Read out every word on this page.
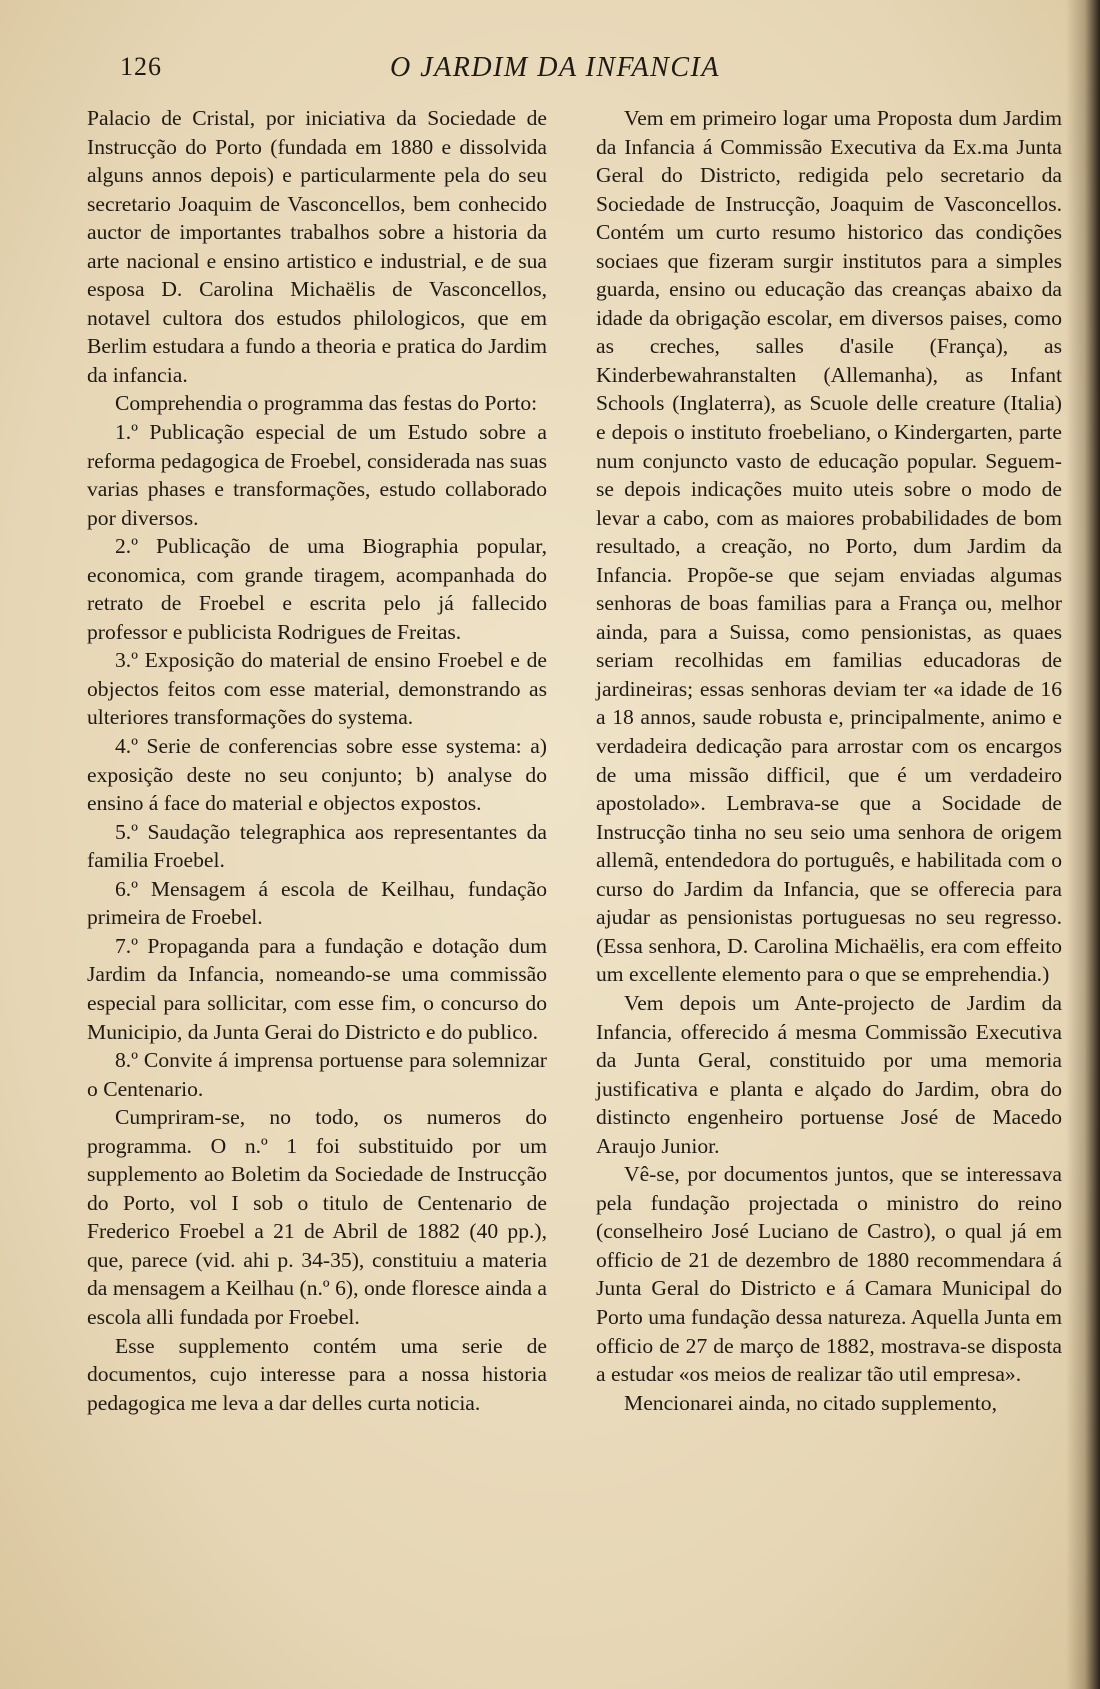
126	O JARDIM DA INFANCIA

Palacio de Cristal, por iniciativa da Sociedade de Instrucção do Porto (fundada em 1880 e dissolvida alguns annos depois) e particularmente pela do seu secretario Joaquim de Vasconcellos, bem conhecido auctor de importantes trabalhos sobre a historia da arte nacional e ensino artistico e industrial, e de sua esposa D. Carolina Michaëlis de Vasconcellos, notavel cultora dos estudos philologicos, que em Berlim estudara a fundo a theoria e pratica do Jardim da infancia.

Comprehendia o programma das festas do Porto:

1.º Publicação especial de um Estudo sobre a reforma pedagogica de Froebel, considerada nas suas varias phases e transformações, estudo collaborado por diversos.

2.º Publicação de uma Biographia popular, economica, com grande tiragem, acompanhada do retrato de Froebel e escrita pelo já fallecido professor e publicista Rodrigues de Freitas.

3.º Exposição do material de ensino Froebel e de objectos feitos com esse material, demonstrando as ulteriores transformações do systema.

4.º Serie de conferencias sobre esse systema: a) exposição deste no seu conjunto; b) analyse do ensino á face do material e objectos expostos.

5.º Saudação telegraphica aos representantes da familia Froebel.

6.º Mensagem á escola de Keilhau, fundação primeira de Froebel.

7.º Propaganda para a fundação e dotação dum Jardim da Infancia, nomeando-se uma commissão especial para sollicitar, com esse fim, o concurso do Municipio, da Junta Gerai do Districto e do publico.

8.º Convite á imprensa portuense para solemnizar o Centenario.

Cumpriram-se, no todo, os numeros do programma. O n.º 1 foi substituido por um supplemento ao Boletim da Sociedade de Instrucção do Porto, vol I sob o titulo de Centenario de Frederico Froebel a 21 de Abril de 1882 (40 pp.), que, parece (vid. ahi p. 34-35), constituiu a materia da mensagem a Keilhau (n.º 6), onde floresce ainda a escola alli fundada por Froebel.

Esse supplemento contém uma serie de documentos, cujo interesse para a nossa historia pedagogica me leva a dar delles curta noticia.

Vem em primeiro logar uma Proposta dum Jardim da Infancia á Commissão Executiva da Ex.ma Junta Geral do Districto, redigida pelo secretario da Sociedade de Instrucção, Joaquim de Vasconcellos. Contém um curto resumo historico das condições sociaes que fizeram surgir institutos para a simples guarda, ensino ou educação das creanças abaixo da idade da obrigação escolar, em diversos paises, como as creches, salles d'asile (França), as Kinderbewahranstalten (Allemanha), as Infant Schools (Inglaterra), as Scuole delle creature (Italia) e depois o instituto froebeliano, o Kindergarten, parte num conjuncto vasto de educação popular. Seguem-se depois indicações muito uteis sobre o modo de levar a cabo, com as maiores probabilidades de bom resultado, a creação, no Porto, dum Jardim da Infancia. Propõe-se que sejam enviadas algumas senhoras de boas familias para a França ou, melhor ainda, para a Suissa, como pensionistas, as quaes seriam recolhidas em familias educadoras de jardineiras; essas senhoras deviam ter «a idade de 16 a 18 annos, saude robusta e, principalmente, animo e verdadeira dedicação para arrostar com os encargos de uma missão difficil, que é um verdadeiro apostolado». Lembrava-se que a Socidade de Instrucção tinha no seu seio uma senhora de origem allemã, entendedora do português, e habilitada com o curso do Jardim da Infancia, que se offerecia para ajudar as pensionistas portuguesas no seu regresso. (Essa senhora, D. Carolina Michaëlis, era com effeito um excellente elemento para o que se emprehendia.)

Vem depois um Ante-projecto de Jardim da Infancia, offerecido á mesma Commissão Executiva da Junta Geral, constituido por uma memoria justificativa e planta e alçado do Jardim, obra do distincto engenheiro portuense José de Macedo Araujo Junior.

Vê-se, por documentos juntos, que se interessava pela fundação projectada o ministro do reino (conselheiro José Luciano de Castro), o qual já em officio de 21 de dezembro de 1880 recommendara á Junta Geral do Districto e á Camara Municipal do Porto uma fundação dessa natureza. Aquella Junta em officio de 27 de março de 1882, mostrava-se disposta a estudar «os meios de realizar tão util empresa».

Mencionarei ainda, no citado supplemento,
